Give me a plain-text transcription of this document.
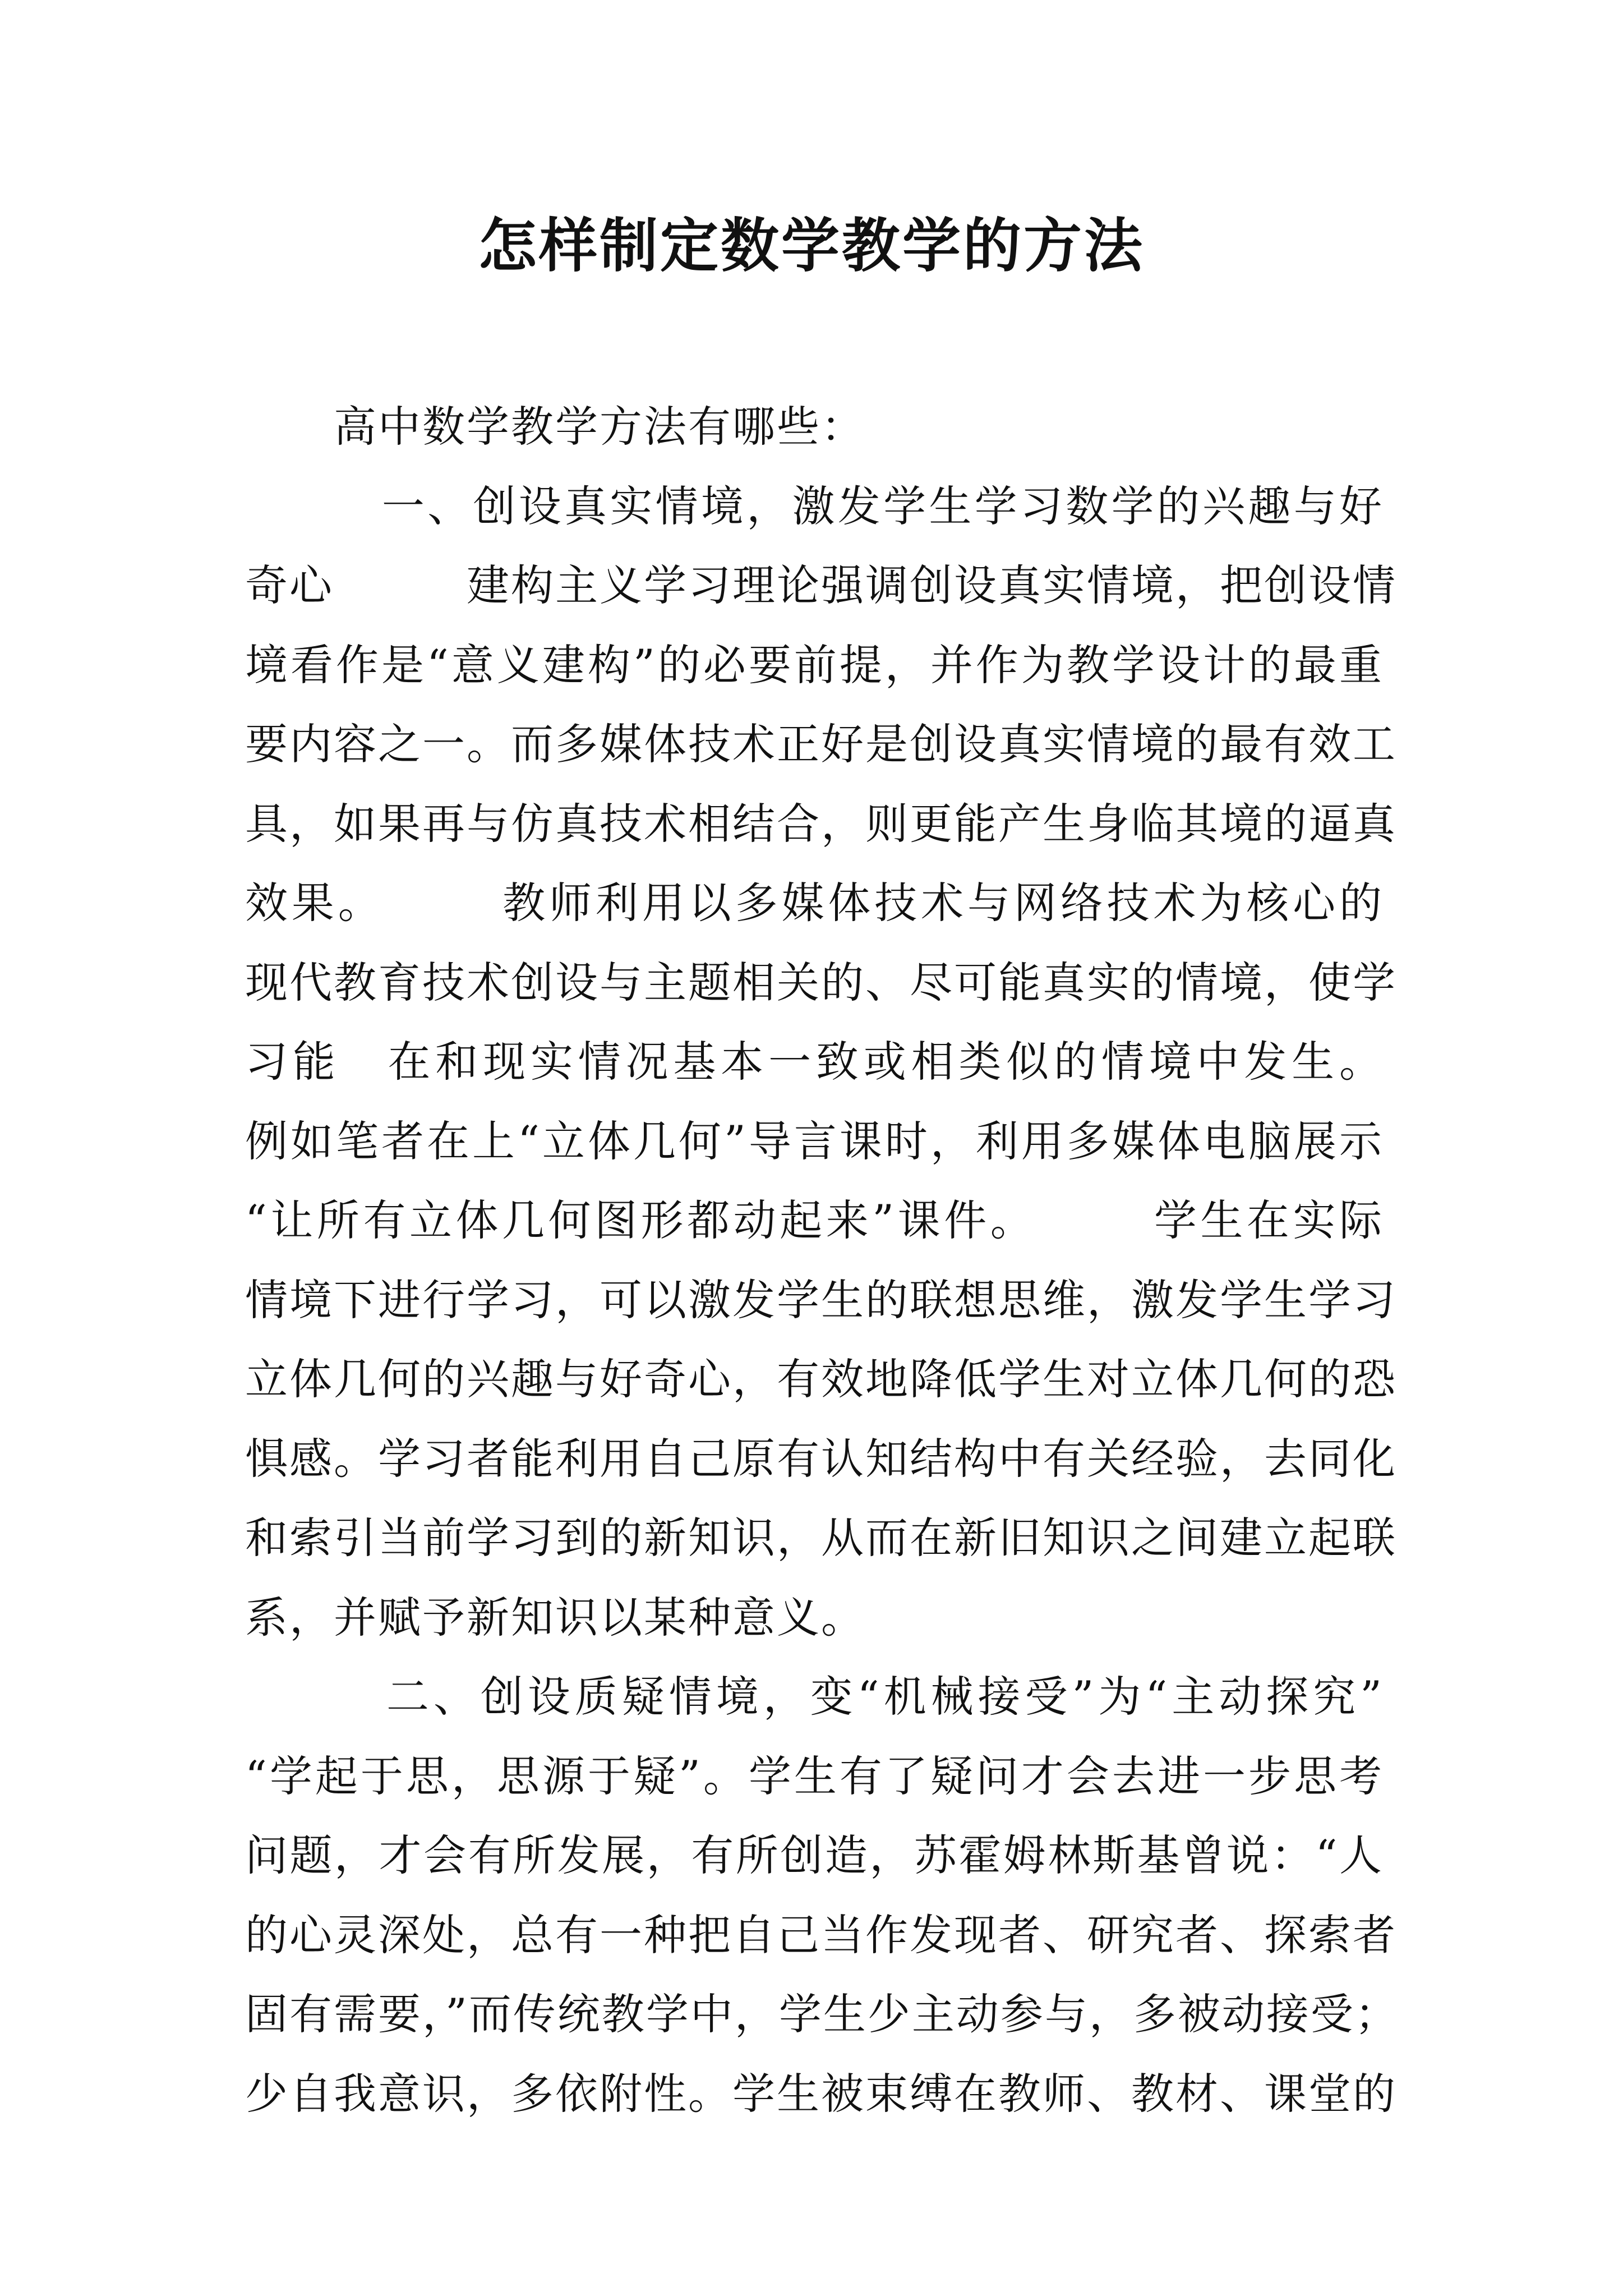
怎样制定数学教学的方法
　　高中数学教学方法有哪些：
　　　一、创设真实情境，激发学生学习数学的兴趣与好
奇心　　　建构主义学习理论强调创设真实情境，把创设情
境看作是“意义建构”的必要前提，并作为教学设计的最重
要内容之一。而多媒体技术正好是创设真实情境的最有效工
具，如果再与仿真技术相结合，则更能产生身临其境的逼真
效果。　　　教师利用以多媒体技术与网络技术为核心的
现代教育技术创设与主题相关的、尽可能真实的情境，使学
习能　在和现实情况基本一致或相类似的情境中发生。
例如笔者在上“立体几何”导言课时，利用多媒体电脑展示
“让所有立体几何图形都动起来”课件。　　　学生在实际
情境下进行学习，可以激发学生的联想思维，激发学生学习
立体几何的兴趣与好奇心，有效地降低学生对立体几何的恐
惧感。学习者能利用自己原有认知结构中有关经验，去同化
和索引当前学习到的新知识，从而在新旧知识之间建立起联
系，并赋予新知识以某种意义。
　　　二、创设质疑情境，变“机械接受”为“主动探究”
“学起于思，思源于疑”。学生有了疑问才会去进一步思考
问题，才会有所发展，有所创造，苏霍姆林斯基曾说：“人
的心灵深处，总有一种把自己当作发现者、研究者、探索者
固有需要，”而传统教学中，学生少主动参与，多被动接受；
少自我意识，多依附性。学生被束缚在教师、教材、课堂的
